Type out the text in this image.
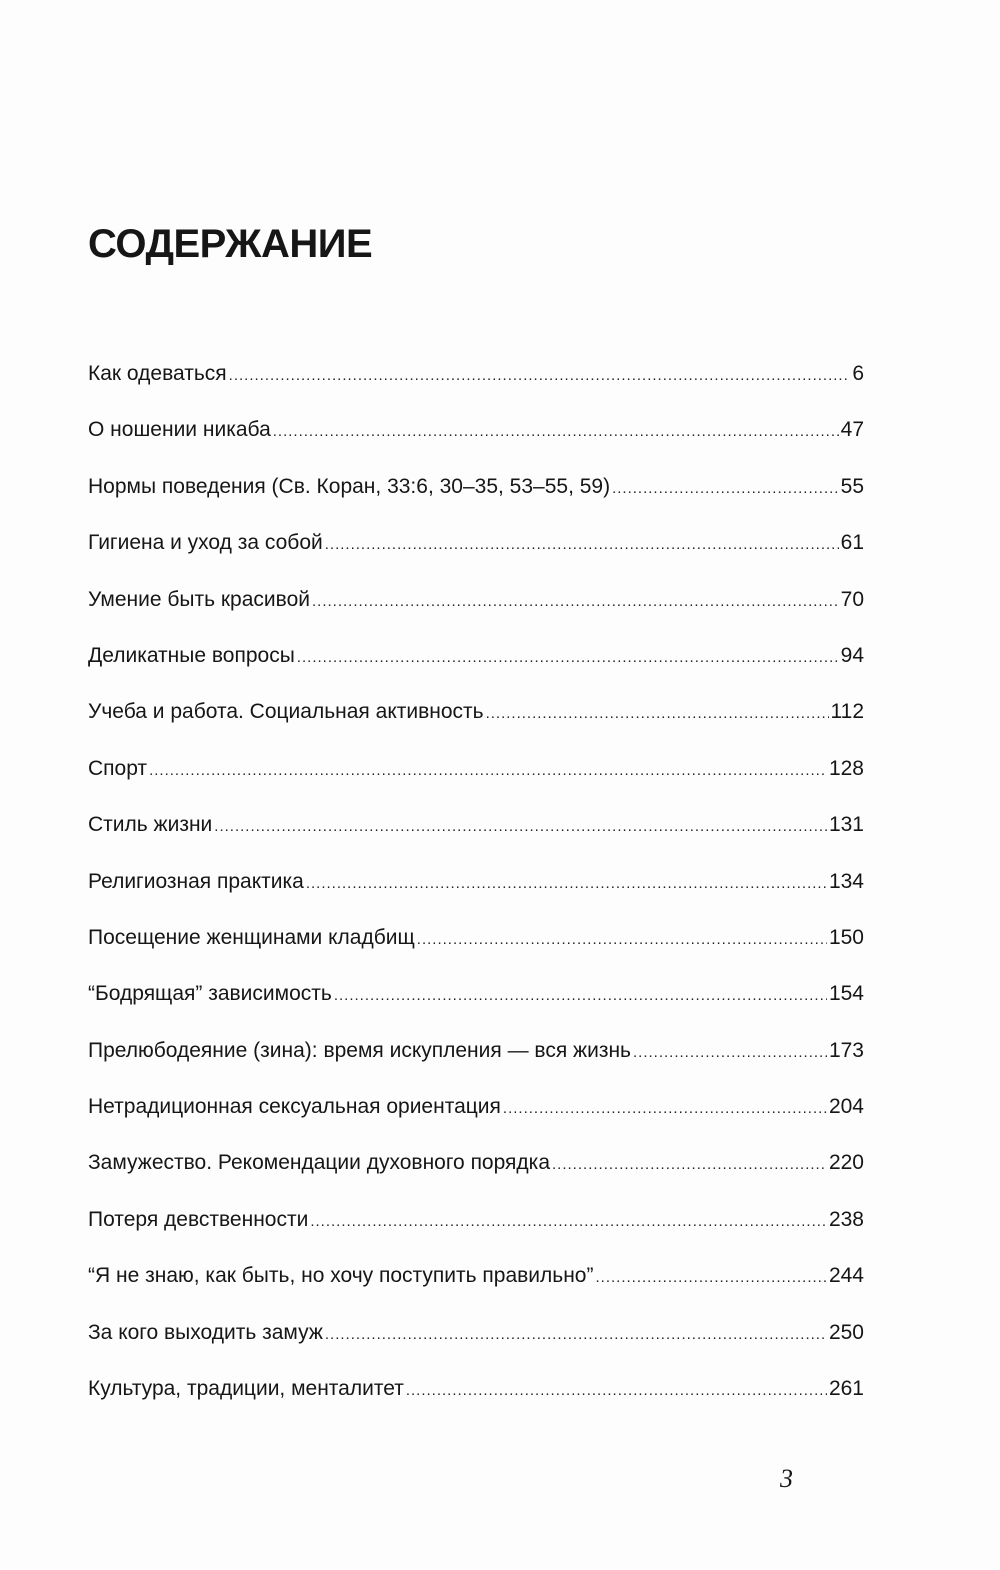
СОДЕРЖАНИЕ
Как одеваться .....	6
О ношении никаба .....	47
Нормы поведения (Св. Коран, 33:6, 30–35, 53–55, 59) .....	55
Гигиена и уход за собой .....	61
Умение быть красивой .....	70
Деликатные вопросы .....	94
Учеба и работа. Социальная активность .....	112
Спорт .....	128
Стиль жизни .....	131
Религиозная практика .....	134
Посещение женщинами кладбищ .....	150
“Бодрящая” зависимость .....	154
Прелюбодеяние (зина): время искупления — вся жизнь .....	173
Нетрадиционная сексуальная ориентация .....	204
Замужество. Рекомендации духовного порядка .....	220
Потеря девственности .....	238
“Я не знаю, как быть, но хочу поступить правильно” .....	244
За кого выходить замуж .....	250
Культура, традиции, менталитет .....	261
3
